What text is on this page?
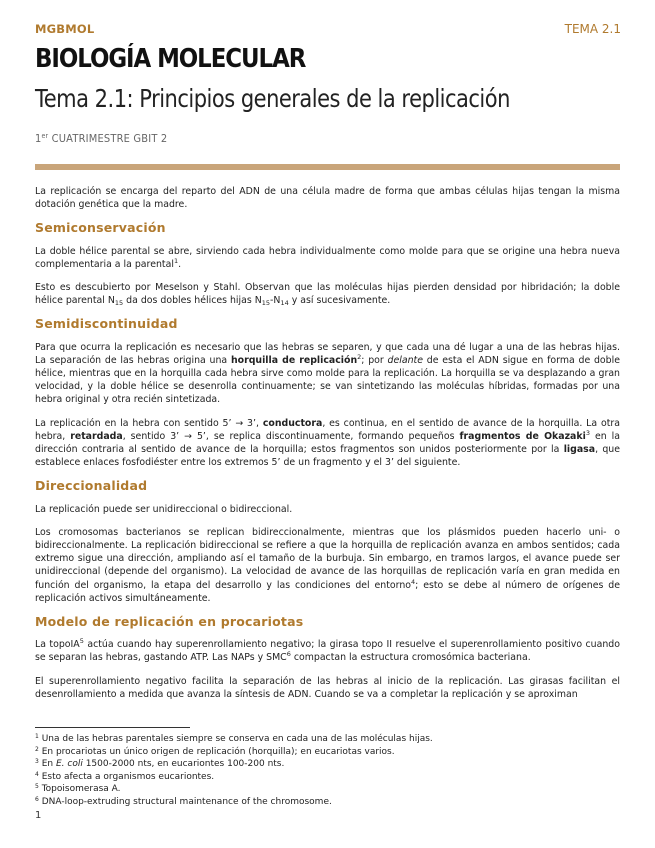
MGBMOL	TEMA 2.1
BIOLOGÍA MOLECULAR
Tema 2.1: Principios generales de la replicación
1er CUATRIMESTRE GBIT 2

La replicación se encarga del reparto del ADN de una célula madre de forma que ambas células hijas tengan la misma dotación genética que la madre.

Semiconservación

La doble hélice parental se abre, sirviendo cada hebra individualmente como molde para que se origine una hebra nueva complementaria a la parental$^1$.

Esto es descubierto por Meselson y Stahl. Observan que las moléculas hijas pierden densidad por hibridación; la doble hélice parental $N_{15}$ da dos dobles hélices hijas $N_{15}-N_{14}$ y así sucesivamente.

Semidiscontinuidad

Para que ocurra la replicación es necesario que las hebras se separen, y que cada una dé lugar a una de las hebras hijas. La separación de las hebras origina una horquilla de replicación$^2$; por delante de esta el ADN sigue en forma de doble hélice, mientras que en la horquilla cada hebra sirve como molde para la replicación. La horquilla se va desplazando a gran velocidad, y la doble hélice se desenrolla continuamente; se van sintetizando las moléculas híbridas, formadas por una hebra original y otra recién sintetizada.

La replicación en la hebra con sentido 5’ → 3’, conductora, es continua, en el sentido de avance de la horquilla. La otra hebra, retardada, sentido 3’ → 5’, se replica discontinuamente, formando pequeños fragmentos de Okazaki$^3$ en la dirección contraria al sentido de avance de la horquilla; estos fragmentos son unidos posteriormente por la ligasa, que establece enlaces fosfodiéster entre los extremos 5’ de un fragmento y el 3’ del siguiente.

Direccionalidad

La replicación puede ser unidireccional o bidireccional.

Los cromosomas bacterianos se replican bidireccionalmente, mientras que los plásmidos pueden hacerlo uni- o bidireccionalmente. La replicación bidireccional se refiere a que la horquilla de replicación avanza en ambos sentidos; cada extremo sigue una dirección, ampliando así el tamaño de la burbuja. Sin embargo, en tramos largos, el avance puede ser unidireccional (depende del organismo). La velocidad de avance de las horquillas de replicación varía en gran medida en función del organismo, la etapa del desarrollo y las condiciones del entorno$^4$; esto se debe al número de orígenes de replicación activos simultáneamente.

Modelo de replicación en procariotas

La topoIA$^5$ actúa cuando hay superenrollamiento negativo; la girasa topo II resuelve el superenrollamiento positivo cuando se separan las hebras, gastando ATP. Las NAPs y SMC$^6$ compactan la estructura cromosómica bacteriana.

El superenrollamiento negativo facilita la separación de las hebras al inicio de la replicación. Las girasas facilitan el desenrollamiento a medida que avanza la síntesis de ADN. Cuando se va a completar la replicación y se aproximan

$^1$ Una de las hebras parentales siempre se conserva en cada una de las moléculas hijas.
$^2$ En procariotas un único origen de replicación (horquilla); en eucariotas varios.
$^3$ En E. coli 1500-2000 nts, en eucariontes 100-200 nts.
$^4$ Esto afecta a organismos eucariontes.
$^5$ Topoisomerasa A.
$^6$ DNA-loop-extruding structural maintenance of the chromosome.
1
